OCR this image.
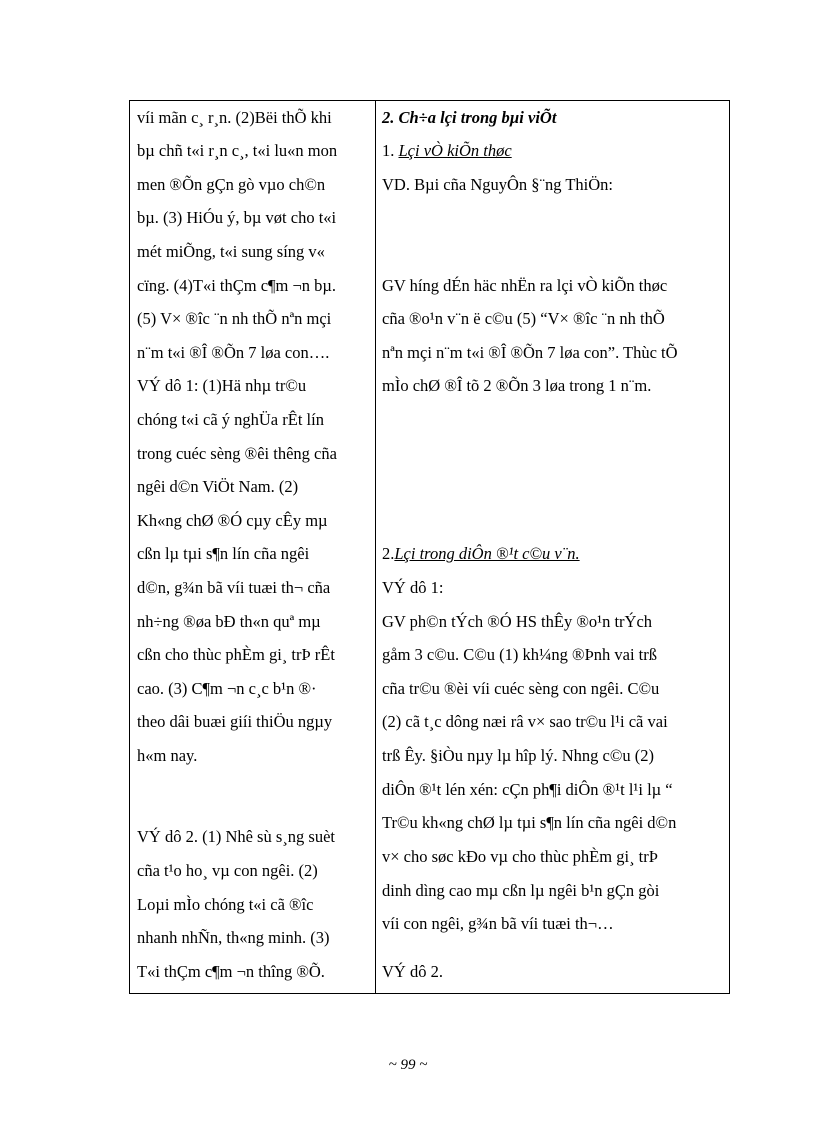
víi mãn c¸ r¸n. (2)Bëi thÕ khi
bµ chñ t«i r¸n c¸, t«i lu«n mon
men ®Õn gÇn gò vµo ch©n
bµ. (3) HiÓu ý, bµ vøt cho t«i
mét miÕng, t«i sung síng v«
cïng. (4)T«i thÇm c¶m ¬n bµ.
(5) V× ®îc ¨n nh thÕ nªn mçi
n¨m t«i ®Î ®Õn 7 løa con….
VÝ dô 1: (1)Hä nhµ tr©u
chóng t«i cã ý nghÜa rÊt lín
trong cuéc sèng ®êi thêng cña
ngêi d©n ViÖt Nam. (2)
Kh«ng chØ ®Ó cµy cÊy mµ
cßn lµ tµi s¶n lín cña ngêi
d©n, g¾n bã víi tuæi th¬ cña
nh÷ng ®øa bÐ th«n quª mµ
cßn cho thùc phÈm gi¸ trÞ rÊt
cao. (3) C¶m ¬n c¸c b¹n ®·
theo dâi buæi giíi thiÖu ngµy
h«m nay.
VÝ dô 2. (1) Nhê sù s¸ng suèt
cña t¹o ho¸ vµ con ngêi. (2)
Loµi mÌo chóng t«i cã ®îc
nhanh nhÑn, th«ng minh. (3)
T«i thÇm c¶m ¬n thîng ®Õ.
2. Ch÷a lçi trong bµi viÕt
1. Lçi vÒ kiÕn thøc
VD. Bµi cña NguyÔn §¨ng ThiÖn:
GV híng dÉn häc nhËn ra lçi vÒ kiÕn thøc
cña ®o¹n v¨n ë c©u (5) “V× ®îc ¨n nh thÕ
nªn mçi n¨m t«i ®Î ®Õn 7 løa con”. Thùc tÕ
mÌo chØ ®Î tõ 2 ®Õn 3 løa trong 1 n¨m.
2.Lçi trong diÔn ®¹t c©u v¨n.
VÝ dô 1:
GV ph©n tÝch ®Ó HS thÊy ®o¹n trÝch
gåm 3 c©u. C©u (1) kh¼ng ®Þnh vai trß
cña tr©u ®èi víi cuéc sèng con ngêi. C©u
(2) cã t¸c dông næi râ v× sao tr©u l¹i cã vai
trß Êy. §iÒu nµy lµ hîp lý. Nhng c©u (2)
diÔn ®¹t lén xén: cÇn ph¶i diÔn ®¹t l¹i lµ “
Tr©u kh«ng chØ lµ tµi s¶n lín cña ngêi d©n
v× cho søc kÐo vµ cho thùc phÈm gi¸ trÞ
dinh dìng cao mµ cßn lµ ngêi b¹n gÇn gòi
víi con ngêi, g¾n bã víi tuæi th¬…
VÝ dô 2.
~ 99 ~
